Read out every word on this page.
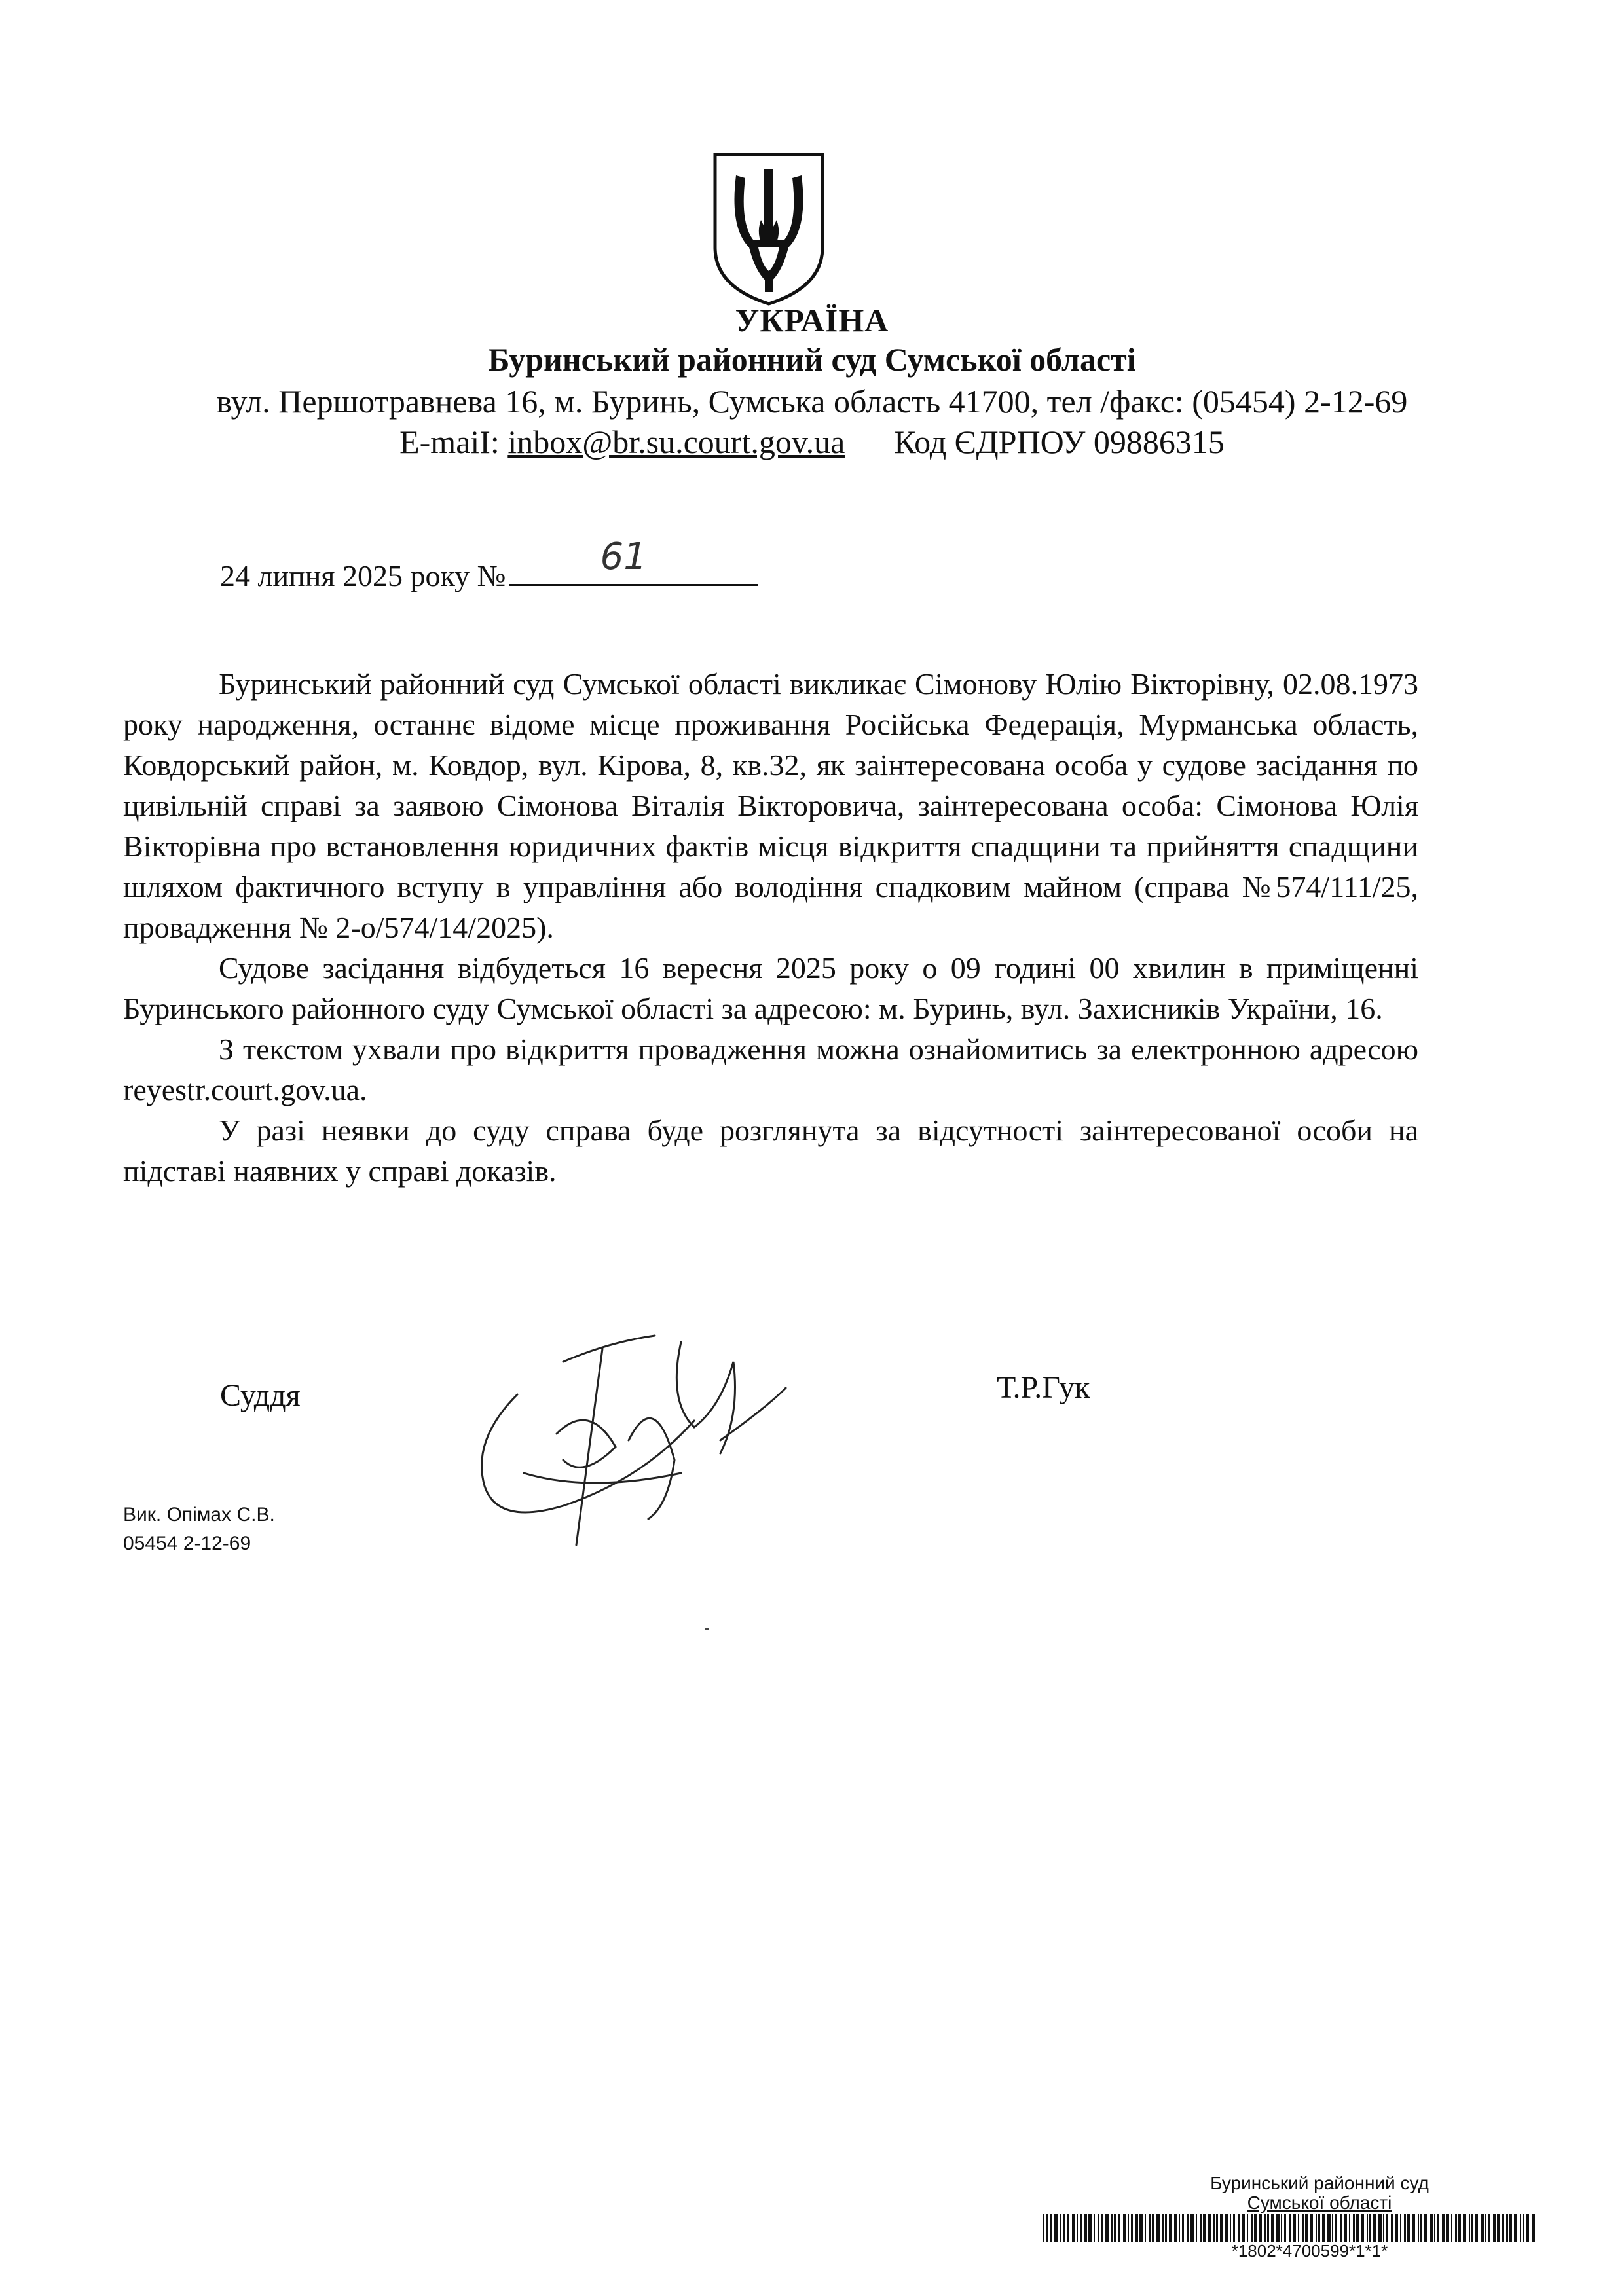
УКРАЇНА
Буринський районний суд Сумської області
вул. Першотравнева 16, м. Буринь, Сумська область 41700, тел /факс: (05454) 2-12-69
E-maiI: inbox@br.su.court.gov.ua Код ЄДРПОУ 09886315
24 липня 2025 року №	61

Буринський районний суд Сумської області викликає Сімонову Юлію Вікторівну, 02.08.1973 року народження, останнє відоме місце проживання Російська Федерація, Мурманська область, Ковдорський район, м. Ковдор, вул. Кірова, 8, кв.32, як заінтересована особа у судове засідання по цивільній справі за заявою Сімонова Віталія Вікторовича, заінтересована особа: Сімонова Юлія Вікторівна про встановлення юридичних фактів місця відкриття спадщини та прийняття спадщини шляхом фактичного вступу в управління або володіння спадковим майном (справа №574/111/25, провадження № 2-о/574/14/2025).

Судове засідання відбудеться 16 вересня 2025 року о 09 годині 00 хвилин в приміщенні Буринського районного суду Сумської області за адресою: м. Буринь, вул. Захисників України, 16.

З текстом ухвали про відкриття провадження можна ознайомитись за електронною адресою reyestr.court.gov.ua.

У разі неявки до суду справа буде розглянута за відсутності заінтересованої особи на підставі наявних у справі доказів.

Суддя	Т.Р.Гук
Вик. Опімах С.В.
05454 2-12-69
Буринський районний суд
Сумської області
*1802*4700599*1*1*
